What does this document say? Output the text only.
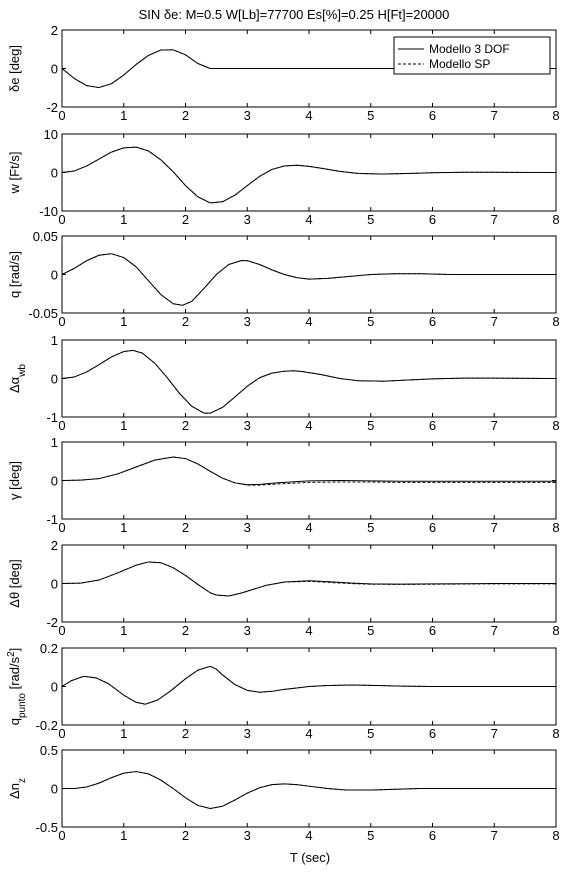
SIN δe: M=0.5 W[Lb]=77700 Es[%]=0.25 H[Ft]=20000
0	1	2	3	4	5	6	7	8
-2
0
2
δe [deg]
0	1	2	3	4	5	6	7	8
-10
0
10
w [Ft/s]
0	1	2	3	4	5	6	7	8
-0.05
0
0.05
q [rad/s]
0	1	2	3	4	5	6	7	8
-1
0
1
$\Delta\alpha_{wb}$
0	1	2	3	4	5	6	7	8
-1
0
1
γ [deg]
0	1	2	3	4	5	6	7	8
-2
0
2
Δθ [deg]
0	1	2	3	4	5	6	7	8
-0.2
0
0.2
$q_{punto}$ $[rad/s^2]$
0	1	2	3	4	5	6	7	8
-0.5
0
0.5
$\Delta n_z$
Modello 3 DOF
Modello SP
T (sec)
